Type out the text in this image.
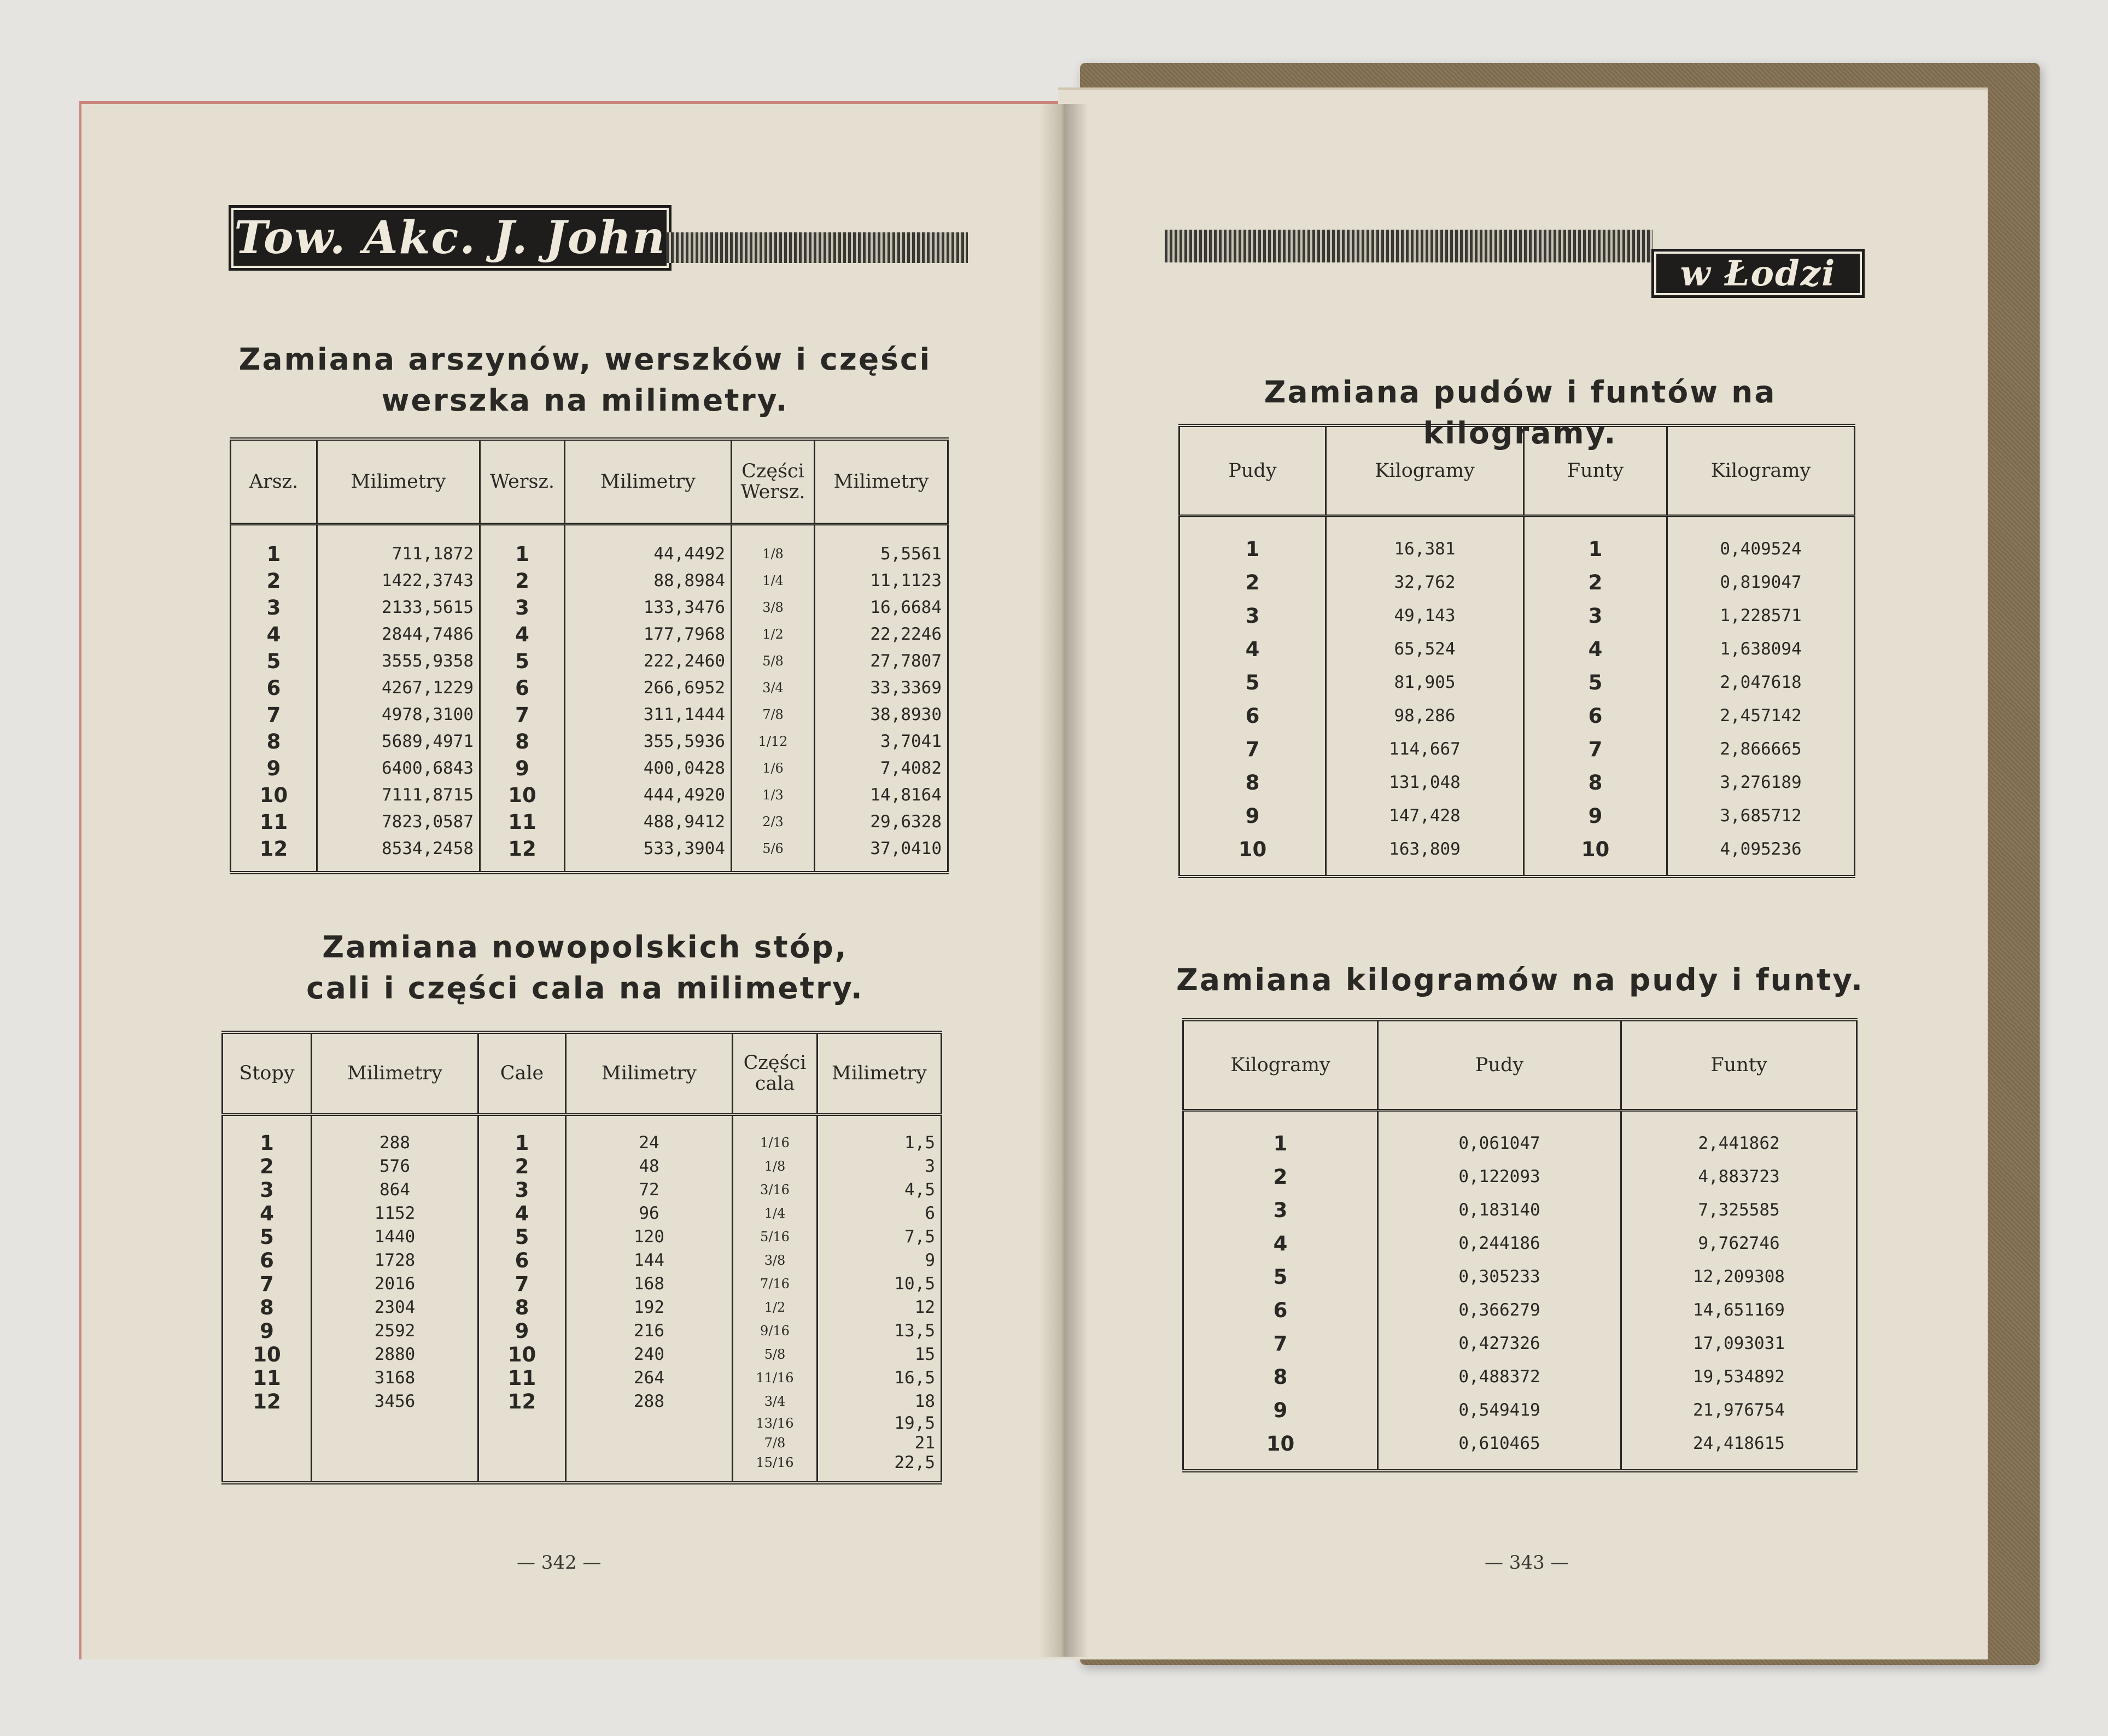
Tow. Akc. J. John
w Łodzi
Zamiana arszynów, werszków i części
werszka na milimetry.
Arsz.	Milimetry	Wersz.	Milimetry	Części Wersz.	Milimetry

1	711,1872	1	44,4492	1/8	5,5561
2	1422,3743	2	88,8984	1/4	11,1123
3	2133,5615	3	133,3476	3/8	16,6684
4	2844,7486	4	177,7968	1/2	22,2246
5	3555,9358	5	222,2460	5/8	27,7807
6	4267,1229	6	266,6952	3/4	33,3369
7	4978,3100	7	311,1444	7/8	38,8930
8	5689,4971	8	355,5936	1/12	3,7041
9	6400,6843	9	400,0428	1/6	7,4082
10	7111,8715	10	444,4920	1/3	14,8164
11	7823,0587	11	488,9412	2/3	29,6328
12	8534,2458	12	533,3904	5/6	37,0410

Zamiana nowopolskich stóp,
cali i części cala na milimetry.
Stopy	Milimetry	Cale	Milimetry	Części cala	Milimetry

1	288	1	24	1/16	1,5
2	576	2	48	1/8	3
3	864	3	72	3/16	4,5
4	1152	4	96	1/4	6
5	1440	5	120	5/16	7,5
6	1728	6	144	3/8	9
7	2016	7	168	7/16	10,5
8	2304	8	192	1/2	12
9	2592	9	216	9/16	13,5
10	2880	10	240	5/8	15
11	3168	11	264	11/16	16,5
12	3456	12	288	3/4	18
				13/16	19,5
				7/8	21
				15/16	22,5

— 342 —
Zamiana pudów i funtów na kilogramy.
Pudy	Kilogramy	Funty	Kilogramy

1	16,381	1	0,409524
2	32,762	2	0,819047
3	49,143	3	1,228571
4	65,524	4	1,638094
5	81,905	5	2,047618
6	98,286	6	2,457142
7	114,667	7	2,866665
8	131,048	8	3,276189
9	147,428	9	3,685712
10	163,809	10	4,095236

Zamiana kilogramów na pudy i funty.
Kilogramy	Pudy	Funty

1	0,061047	2,441862
2	0,122093	4,883723
3	0,183140	7,325585
4	0,244186	9,762746
5	0,305233	12,209308
6	0,366279	14,651169
7	0,427326	17,093031
8	0,488372	19,534892
9	0,549419	21,976754
10	0,610465	24,418615

— 343 —
